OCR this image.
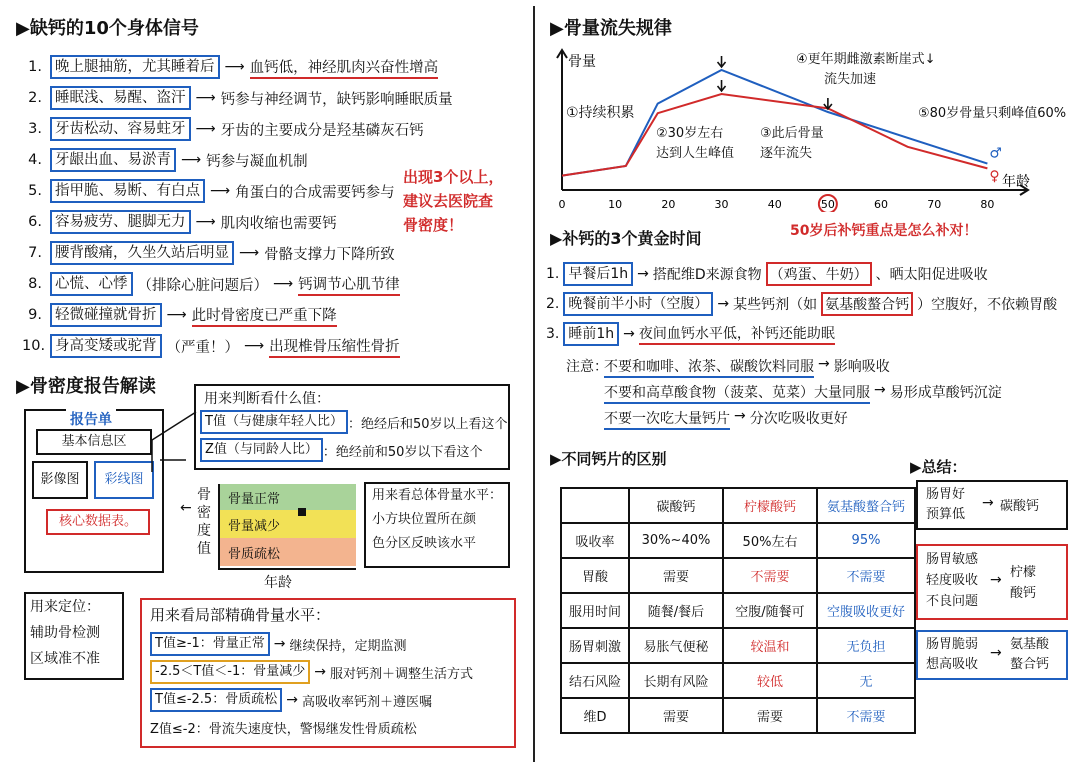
▶缺钙的10个身体信号
1. 晚上腿抽筋，尤其睡着后 ⟶ 血钙低，神经肌肉兴奋性增高
2. 睡眠浅、易醒、盗汗 ⟶ 钙参与神经调节，缺钙影响睡眠质量
3. 牙齿松动、容易蛀牙 ⟶ 牙齿的主要成分是羟基磷灰石钙
4. 牙龈出血、易淤青 ⟶ 钙参与凝血机制
5. 指甲脆、易断、有白点 ⟶ 角蛋白的合成需要钙参与
6. 容易疲劳、腿脚无力 ⟶ 肌肉收缩也需要钙
7. 腰背酸痛，久坐久站后明显 ⟶ 骨骼支撑力下降所致
8. 心慌、心悸 （排除心脏问题后） ⟶ 钙调节心肌节律
9. 轻微碰撞就骨折 ⟶ 此时骨密度已严重下降
10. 身高变矮或驼背 （严重！） ⟶ 出现椎骨压缩性骨折
出现3个以上，
建议去医院查
骨密度！
▶骨密度报告解读
报告单
基本信息区
影像图	彩线图
核心数据表。
用来判断看什么值：
T值（与健康年轻人比） ：绝经后和50岁以上看这个
Z值（与同龄人比） ：绝经前和50岁以下看这个
骨密度值
骨量正常
骨量减少
骨质疏松
年龄
←
用来看总体骨量水平：
小方块位置所在颜
色分区反映该水平
用来定位：
辅助骨检测
区域准不准
用来看局部精确骨量水平：
T值≥-1：骨量正常 → 继续保持，定期监测
-2.5＜T值＜-1：骨量减少 → 服对钙剂＋调整生活方式
T值≤-2.5：骨质疏松 → 高吸收率钙剂＋遵医嘱
Z值≤-2：骨流失速度快，警惕继发性骨质疏松
▶骨量流失规律
骨量
年龄
0	10	20	30	40	50	60	70	80
♂
♀
①持续积累
②30岁左右
达到人生峰值
③此后骨量
逐年流失
④更年期雌激素断崖式↓
流失加速
⑤80岁骨量只剩峰值60%
50岁后补钙重点是怎么补对！
▶补钙的3个黄金时间
1. 早餐后1h → 搭配维D来源食物 （鸡蛋、牛奶） 、晒太阳促进吸收
2. 晚餐前半小时（空腹） → 某些钙剂（如 氨基酸螯合钙 ）空腹好，不依赖胃酸
3. 睡前1h → 夜间血钙水平低，补钙还能助眠
注意：
不要和咖啡、浓茶、碳酸饮料同服 → 影响吸收
不要和高草酸食物（菠菜、苋菜）大量同服 → 易形成草酸钙沉淀
不要一次吃大量钙片 → 分次吃吸收更好
▶不同钙片的区别
	碳酸钙	柠檬酸钙	氨基酸螯合钙
吸收率	30%~40%	50%左右	95%
胃酸	需要	不需要	不需要
服用时间	随餐/餐后	空腹/随餐可	空腹吸收更好
肠胃刺激	易胀气便秘	较温和	无负担
结石风险	长期有风险	较低	无
维D	需要	需要	不需要
▶总结：
肠胃好
预算低
→ 碳酸钙
肠胃敏感
轻度吸收
不良问题
→ 柠檬
酸钙
肠胃脆弱
想高吸收
→
氨基酸
螯合钙
